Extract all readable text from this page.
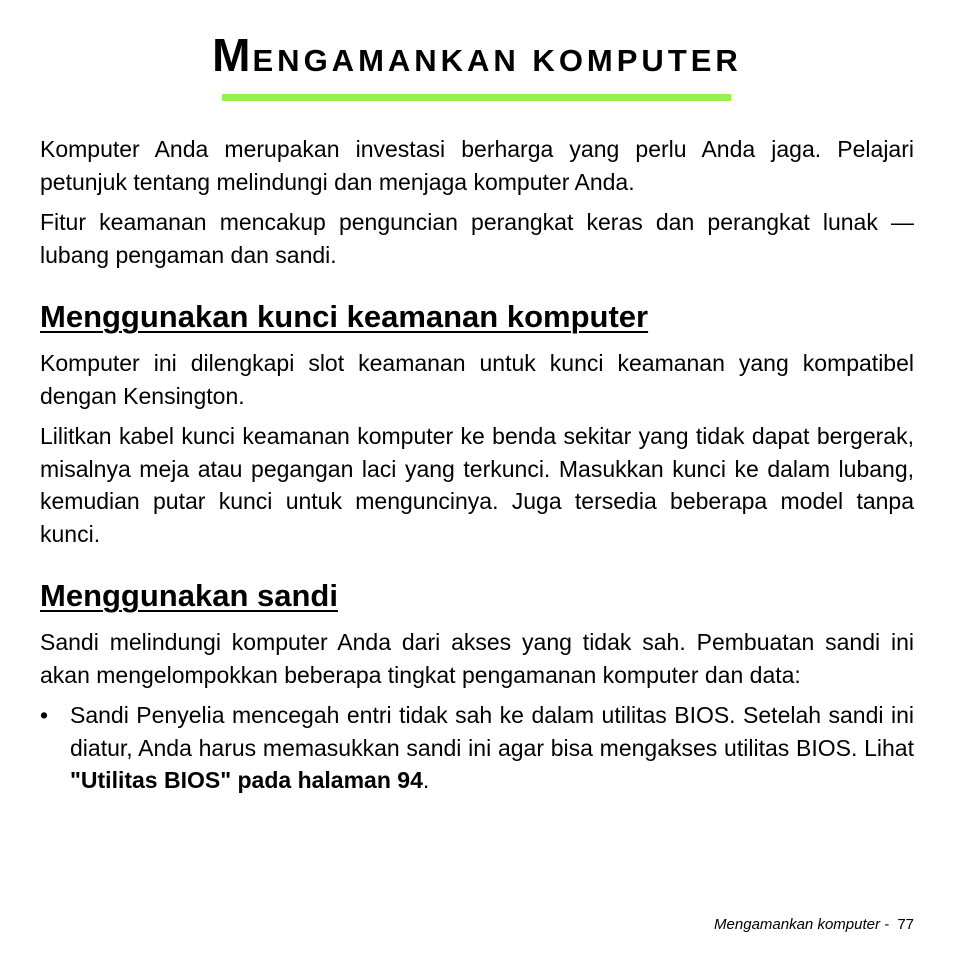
MENGAMANKAN KOMPUTER

Komputer Anda merupakan investasi berharga yang perlu Anda jaga. Pelajari petunjuk tentang melindungi dan menjaga komputer Anda.

Fitur keamanan mencakup penguncian perangkat keras dan perangkat lunak — lubang pengaman dan sandi.

Menggunakan kunci keamanan komputer

Komputer ini dilengkapi slot keamanan untuk kunci keamanan yang kompatibel dengan Kensington.

Lilitkan kabel kunci keamanan komputer ke benda sekitar yang tidak dapat bergerak, misalnya meja atau pegangan laci yang terkunci. Masukkan kunci ke dalam lubang, kemudian putar kunci untuk menguncinya. Juga tersedia beberapa model tanpa kunci.

Menggunakan sandi

Sandi melindungi komputer Anda dari akses yang tidak sah. Pembuatan sandi ini akan mengelompokkan beberapa tingkat pengamanan komputer dan data:

• Sandi Penyelia mencegah entri tidak sah ke dalam utilitas BIOS. Setelah sandi ini diatur, Anda harus memasukkan sandi ini agar bisa mengakses utilitas BIOS. Lihat "Utilitas BIOS" pada halaman 94.

Mengamankan komputer - 77
